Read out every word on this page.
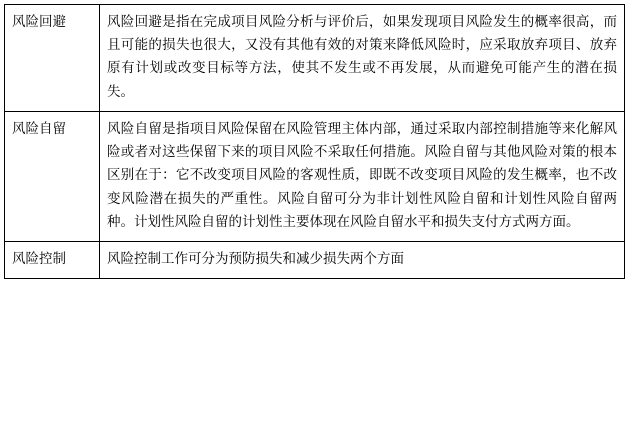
风险回避	风险回避是指在完成项目风险分析与评价后，如果发现项目风险发生的概率很高，而且可能的损失也很大，又没有其他有效的对策来降低风险时，应采取放弃项目、放弃原有计划或改变目标等方法，使其不发生或不再发展，从而避免可能产生的潜在损失。

风险自留	风险自留是指项目风险保留在风险管理主体内部，通过采取内部控制措施等来化解风险或者对这些保留下来的项目风险不采取任何措施。风险自留与其他风险对策的根本区别在于：它不改变项目风险的客观性质，即既不改变项目风险的发生概率，也不改变风险潜在损失的严重性。风险自留可分为非计划性风险自留和计划性风险自留两种。计划性风险自留的计划性主要体现在风险自留水平和损失支付方式两方面。

风险控制	风险控制工作可分为预防损失和减少损失两个方面
